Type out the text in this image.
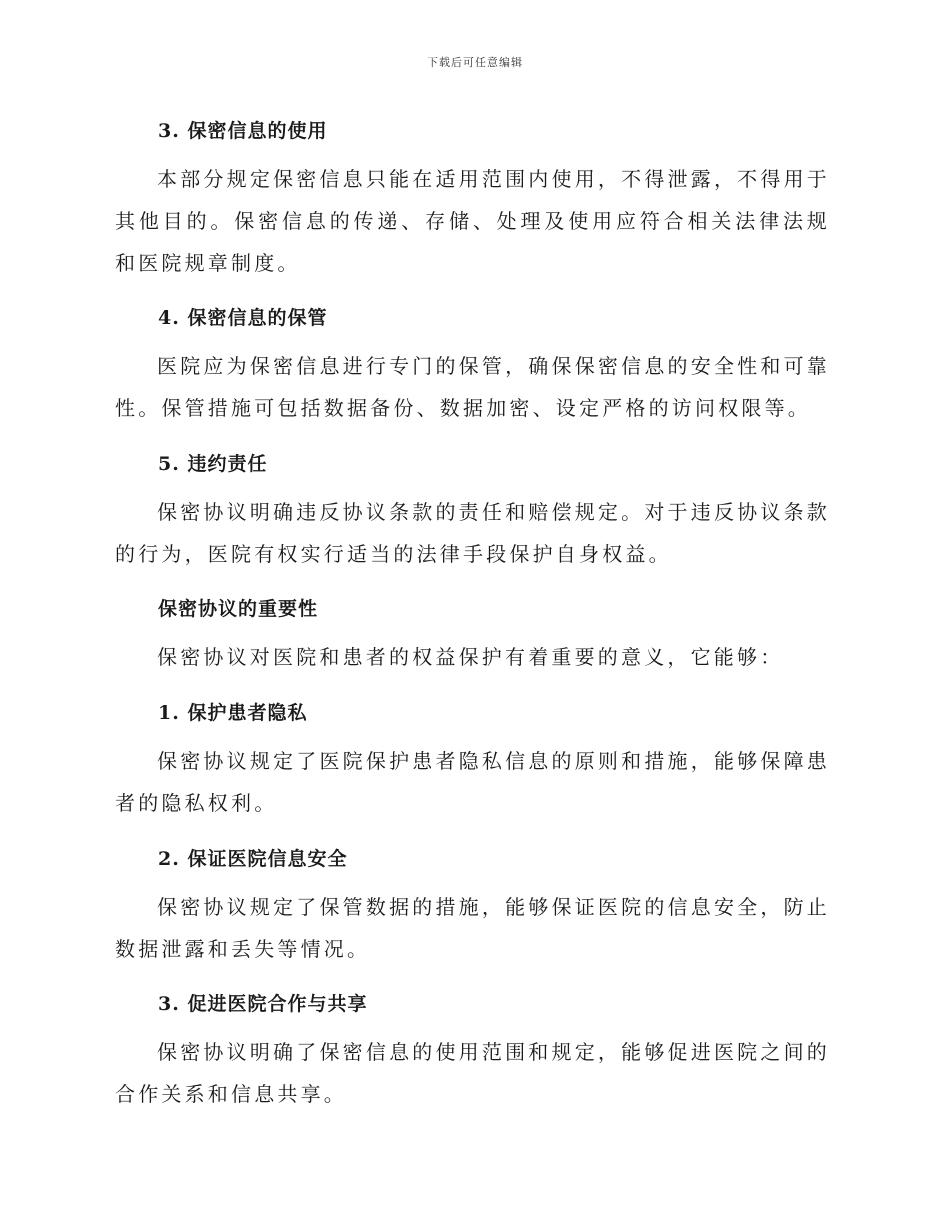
下载后可任意编辑
3. 保密信息的使用
本部分规定保密信息只能在适用范围内使用，不得泄露，不得用于其他目的。保密信息的传递、存储、处理及使用应符合相关法律法规和医院规章制度。
4. 保密信息的保管
医院应为保密信息进行专门的保管，确保保密信息的安全性和可靠性。保管措施可包括数据备份、数据加密、设定严格的访问权限等。
5. 违约责任
保密协议明确违反协议条款的责任和赔偿规定。对于违反协议条款的行为，医院有权实行适当的法律手段保护自身权益。
保密协议的重要性
保密协议对医院和患者的权益保护有着重要的意义，它能够：
1. 保护患者隐私
保密协议规定了医院保护患者隐私信息的原则和措施，能够保障患者的隐私权利。
2. 保证医院信息安全
保密协议规定了保管数据的措施，能够保证医院的信息安全，防止数据泄露和丢失等情况。
3. 促进医院合作与共享
保密协议明确了保密信息的使用范围和规定，能够促进医院之间的合作关系和信息共享。
